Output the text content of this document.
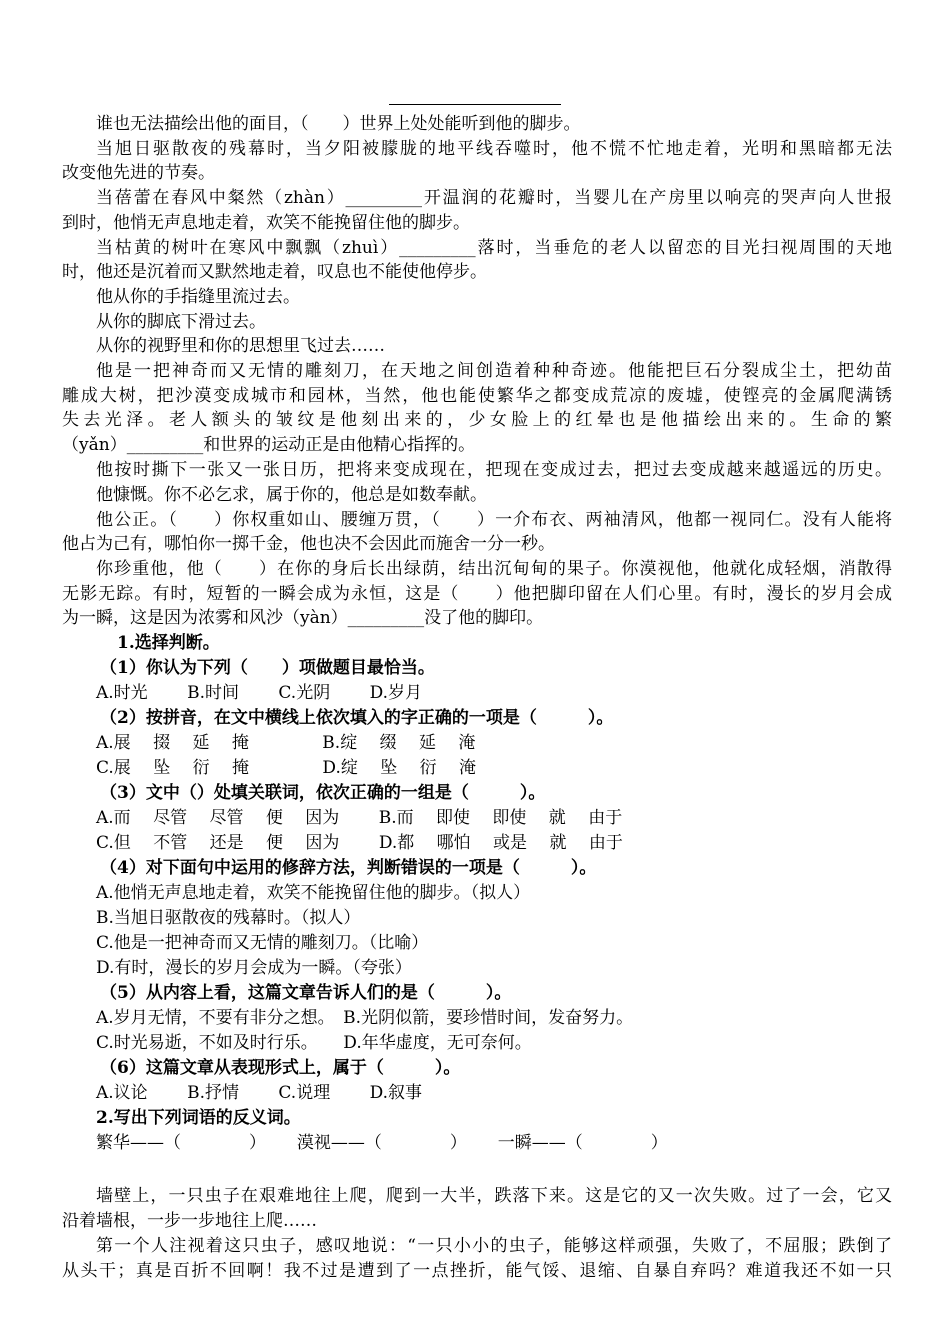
谁也无法描绘出他的面目，（　　）世界上处处能听到他的脚步。
当旭日驱散夜的残幕时，当夕阳被朦胧的地平线吞噬时，他不慌不忙地走着，光明和黑暗都无法
改变他先进的节奏。
当蓓蕾在春风中粲然（zhàn）_________开温润的花瓣时，当婴儿在产房里以响亮的哭声向人世报
到时，他悄无声息地走着，欢笑不能挽留住他的脚步。
当枯黄的树叶在寒风中飘飘（zhuì）_________落时，当垂危的老人以留恋的目光扫视周围的天地
时，他还是沉着而又默然地走着，叹息也不能使他停步。
他从你的手指缝里流过去。
从你的脚底下滑过去。
从你的视野里和你的思想里飞过去……
他是一把神奇而又无情的雕刻刀，在天地之间创造着种种奇迹。他能把巨石分裂成尘土，把幼苗
雕成大树，把沙漠变成城市和园林，当然，他也能使繁华之都变成荒凉的废墟，使铿亮的金属爬满锈
失去光泽。老人额头的皱纹是他刻出来的，少女脸上的红晕也是他描绘出来的。生命的繁
（yǎn）_________和世界的运动正是由他精心指挥的。
他按时撕下一张又一张日历，把将来变成现在，把现在变成过去，把过去变成越来越遥远的历史。
他慷慨。你不必乞求，属于你的，他总是如数奉献。
他公正。（　　）你权重如山、腰缠万贯，（　　）一介布衣、两袖清风，他都一视同仁。没有人能将
他占为己有，哪怕你一掷千金，他也决不会因此而施舍一分一秒。
你珍重他，他（　　）在你的身后长出绿荫，结出沉甸甸的果子。你漠视他，他就化成轻烟，消散得
无影无踪。有时，短暂的一瞬会成为永恒，这是（　　）他把脚印留在人们心里。有时，漫长的岁月会成
为一瞬，这是因为浓雾和风沙（yàn）_________没了他的脚印。
1.选择判断。
（1）你认为下列（　　）项做题目最恰当。
A.时光　　 B.时间　　 C.光阴　　 D.岁月
（2）按拼音，在文中横线上依次填入的字正确的一项是（　　　）。
A.展　 掇　 延　 掩　　　　 B.绽　 缀　 延　 淹
C.展　 坠　 衍　 掩　　　　 D.绽　 坠　 衍　 淹
（3）文中（）处填关联词，依次正确的一组是（　　　）。
A.而　 尽管　 尽管　 便　 因为　　 B.而　 即使　 即使　 就　 由于
C.但　 不管　 还是　 便　 因为　　 D.都　 哪怕　 或是　 就　 由于
（4）对下面句中运用的修辞方法，判断错误的一项是（　　　）。
A.他悄无声息地走着，欢笑不能挽留住他的脚步。（拟人）
B.当旭日驱散夜的残幕时。（拟人）
C.他是一把神奇而又无情的雕刻刀。（比喻）
D.有时，漫长的岁月会成为一瞬。（夸张）
（5）从内容上看，这篇文章告诉人们的是（　　　）。
A.岁月无情，不要有非分之想。　B.光阴似箭，要珍惜时间，发奋努力。
C.时光易逝，不如及时行乐。　　D.年华虚度，无可奈何。
（6）这篇文章从表现形式上，属于（　　　）。
A.议论　　 B.抒情　　 C.说理　　 D.叙事
2.写出下列词语的反义词。
繁华——（　　　　）　　 漠视——（　　　　）　　 一瞬——（　　　　）
墙壁上，一只虫子在艰难地往上爬，爬到一大半，跌落下来。这是它的又一次失败。过了一会，它又
沿着墙根，一步一步地往上爬……
第一个人注视着这只虫子，感叹地说：“一只小小的虫子，能够这样顽强，失败了，不屈服；跌倒了
从头干；真是百折不回啊！我不过是遭到了一点挫折，能气馁、退缩、自暴自弃吗？难道我还不如一只
